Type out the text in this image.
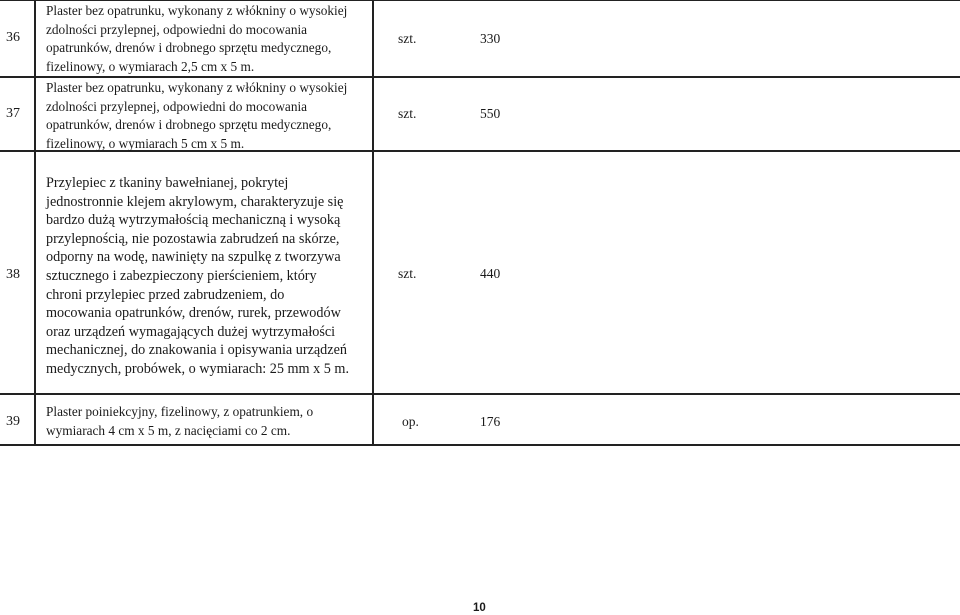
36
Plaster bez opatrunku, wykonany z włókniny o wysokiej
zdolności przylepnej, odpowiedni do mocowania
opatrunków, drenów i drobnego sprzętu medycznego,
fizelinowy, o wymiarach 2,5 cm x 5 m.
szt.	330
37
Plaster bez opatrunku, wykonany z włókniny o wysokiej
zdolności przylepnej, odpowiedni do mocowania
opatrunków, drenów i drobnego sprzętu medycznego,
fizelinowy, o wymiarach 5 cm x 5 m.
szt.	550
38
Przylepiec z tkaniny bawełnianej, pokrytej
jednostronnie klejem akrylowym, charakteryzuje się
bardzo dużą wytrzymałością mechaniczną i wysoką
przylepnością, nie pozostawia zabrudzeń na skórze,
odporny na wodę, nawinięty na szpulkę z tworzywa
sztucznego i zabezpieczony pierścieniem, który
chroni przylepiec przed zabrudzeniem, do
mocowania opatrunków, drenów, rurek, przewodów
oraz urządzeń wymagających dużej wytrzymałości
mechanicznej, do znakowania i opisywania urządzeń
medycznych, probówek, o wymiarach: 25 mm x 5 m.
szt.	440
39
Plaster poiniekcyjny, fizelinowy, z opatrunkiem, o
wymiarach 4 cm x 5 m, z nacięciami co 2 cm.
op.	176
10
